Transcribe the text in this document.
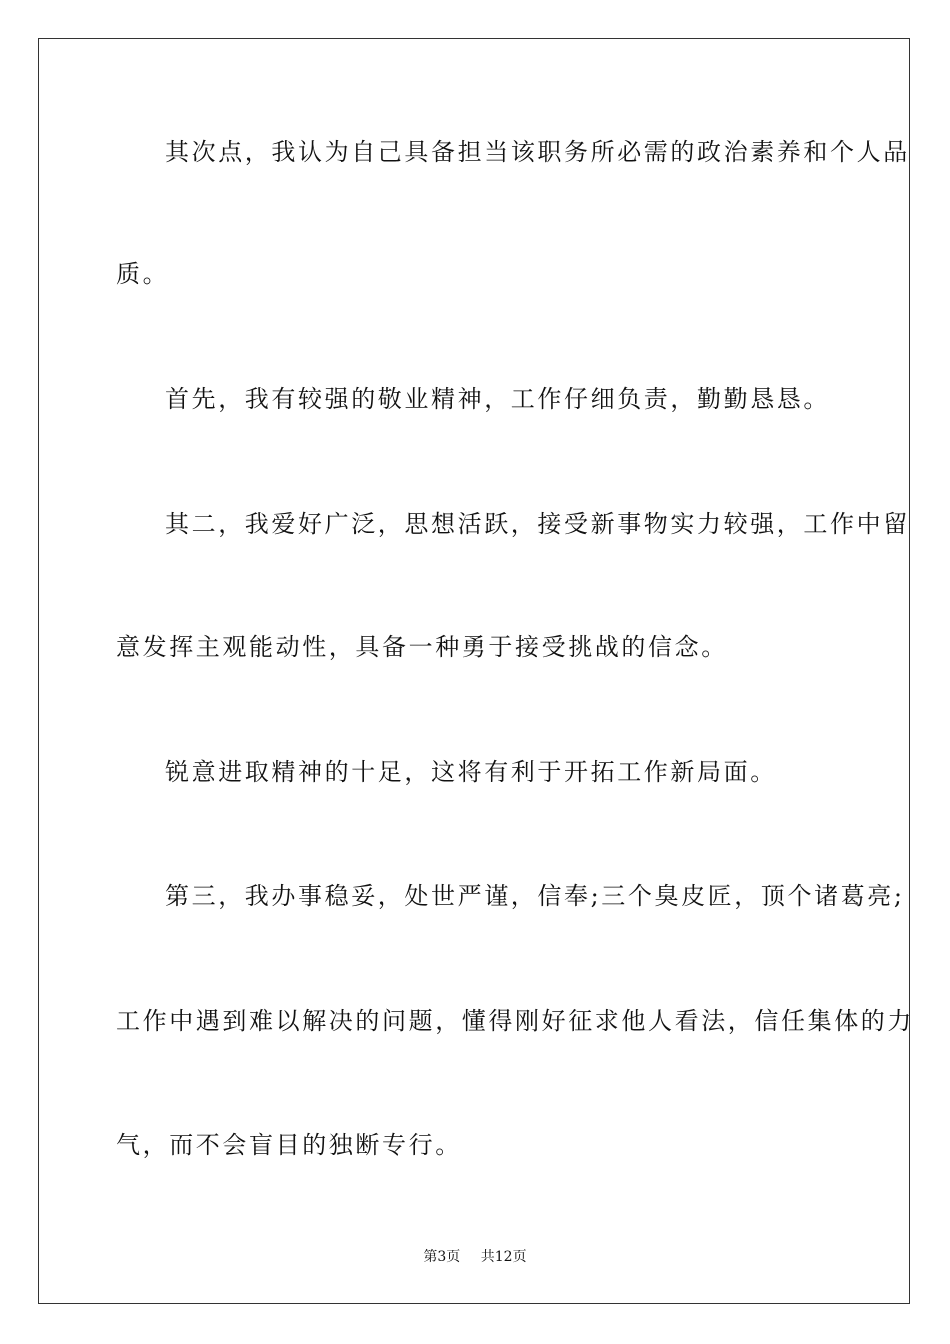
其次点，我认为自己具备担当该职务所必需的政治素养和个人品
质。
首先，我有较强的敬业精神，工作仔细负责，勤勤恳恳。
其二，我爱好广泛，思想活跃，接受新事物实力较强，工作中留
意发挥主观能动性，具备一种勇于接受挑战的信念。
锐意进取精神的十足，这将有利于开拓工作新局面。
第三，我办事稳妥，处世严谨，信奉;三个臭皮匠，顶个诸葛亮;
工作中遇到难以解决的问题，懂得刚好征求他人看法，信任集体的力
气，而不会盲目的独断专行。
第3页 共12页
